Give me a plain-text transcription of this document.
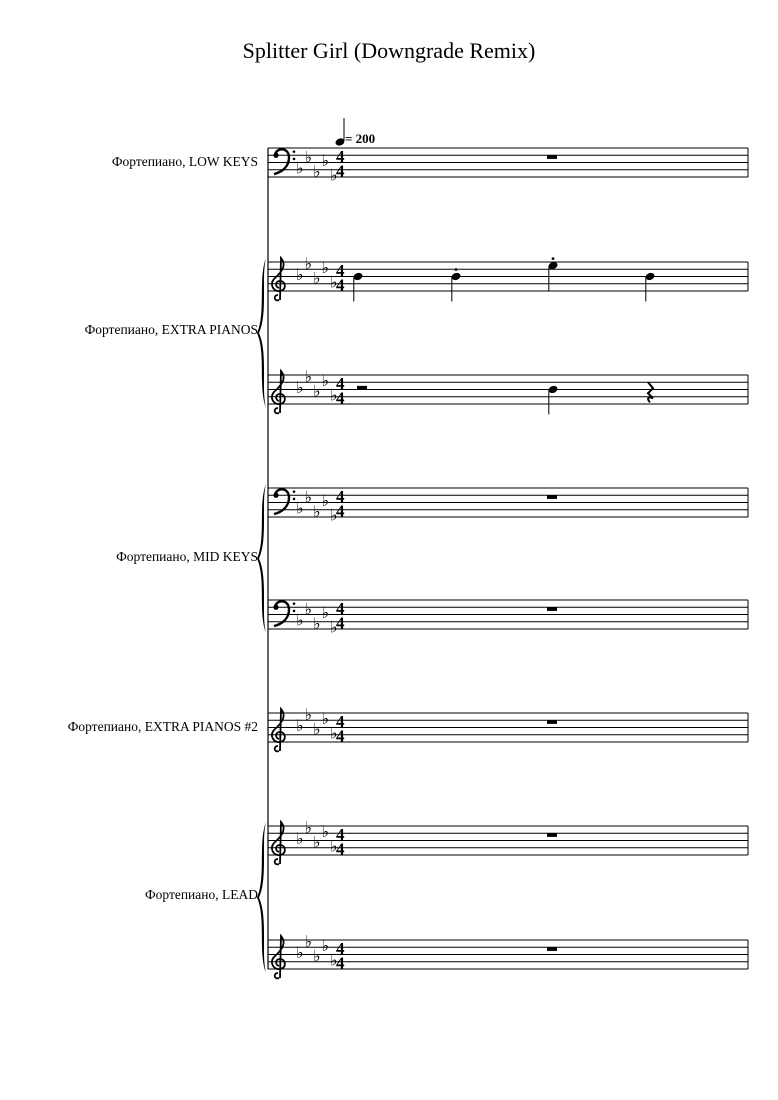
Splitter Girl (Downgrade Remix)
Фортепиано, LOW KEYS
Фортепиано, EXTRA PIANOS
Фортепиано, MID KEYS
Фортепиано, EXTRA PIANOS #2
Фортепиано, LEAD
♭
♭
♭
♭
♭
4
4
♭
♭
♭
♭
♭
4
4
♭
♭
♭
♭
♭
4
4
♭
♭
♭
♭
♭
4
4
♭
♭
♭
♭
♭
4
4
♭
♭
♭
♭
♭
4
4
♭
♭
♭
♭
♭
4
4
♭
♭
♭
♭
♭
4
4
= 200
